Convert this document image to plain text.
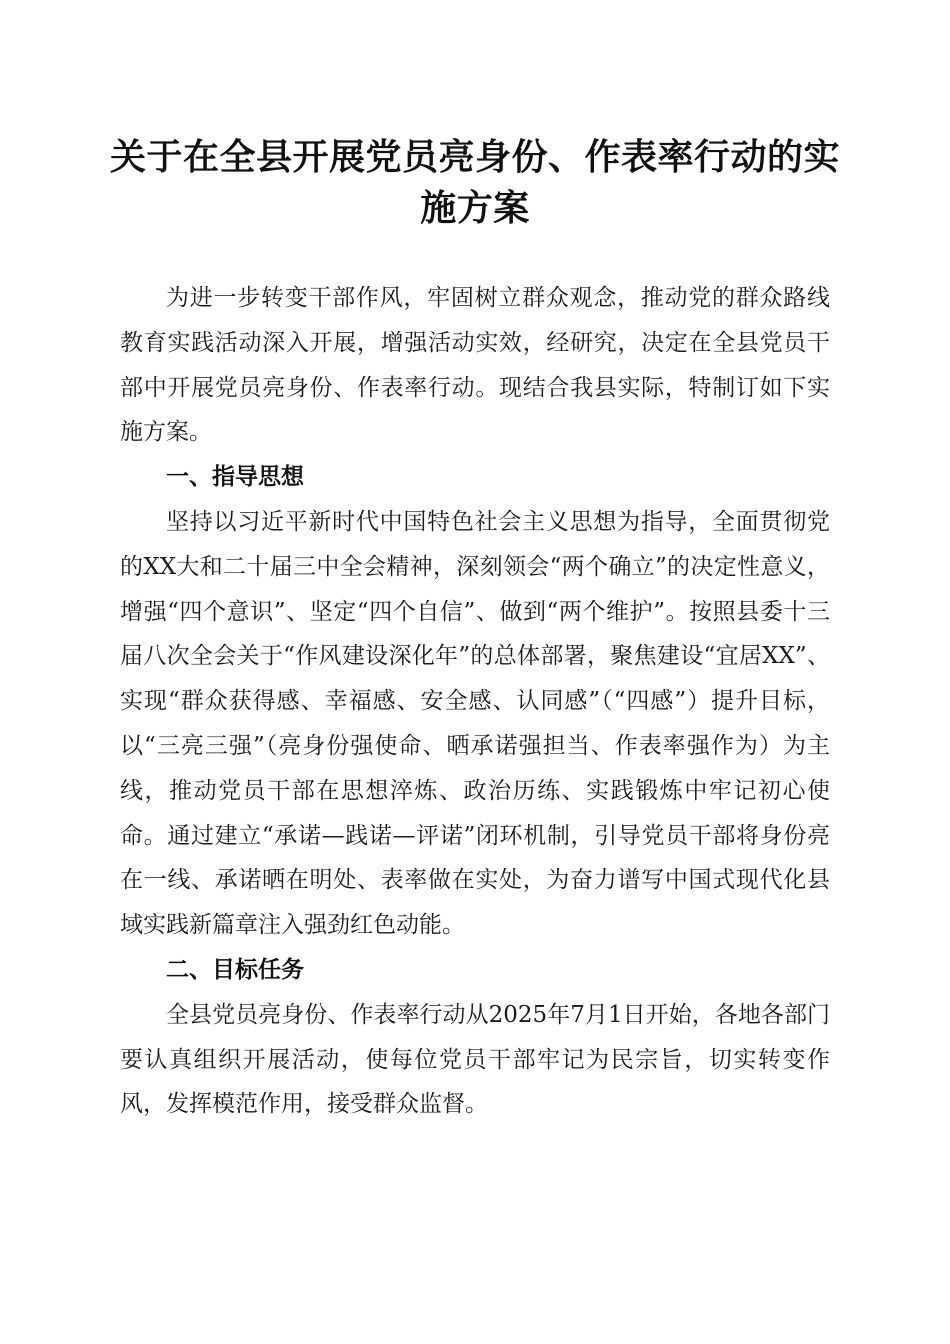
关于在全县开展党员亮身份、作表率行动的实施方案

为进一步转变干部作风，牢固树立群众观念，推动党的群众路线教育实践活动深入开展，增强活动实效，经研究，决定在全县党员干部中开展党员亮身份、作表率行动。现结合我县实际，特制订如下实施方案。

一、指导思想

坚持以习近平新时代中国特色社会主义思想为指导，全面贯彻党的XX大和二十届三中全会精神，深刻领会“两个确立”的决定性意义，增强“四个意识”、坚定“四个自信”、做到“两个维护”。按照县委十三届八次全会关于“作风建设深化年”的总体部署，聚焦建设“宜居XX”、实现“群众获得感、幸福感、安全感、认同感”（“四感”）提升目标，以“三亮三强”（亮身份强使命、晒承诺强担当、作表率强作为）为主线，推动党员干部在思想淬炼、政治历练、实践锻炼中牢记初心使命。通过建立“承诺—践诺—评诺”闭环机制，引导党员干部将身份亮在一线、承诺晒在明处、表率做在实处，为奋力谱写中国式现代化县域实践新篇章注入强劲红色动能。

二、目标任务

全县党员亮身份、作表率行动从2025年7月1日开始，各地各部门要认真组织开展活动，使每位党员干部牢记为民宗旨，切实转变作风，发挥模范作用，接受群众监督。
